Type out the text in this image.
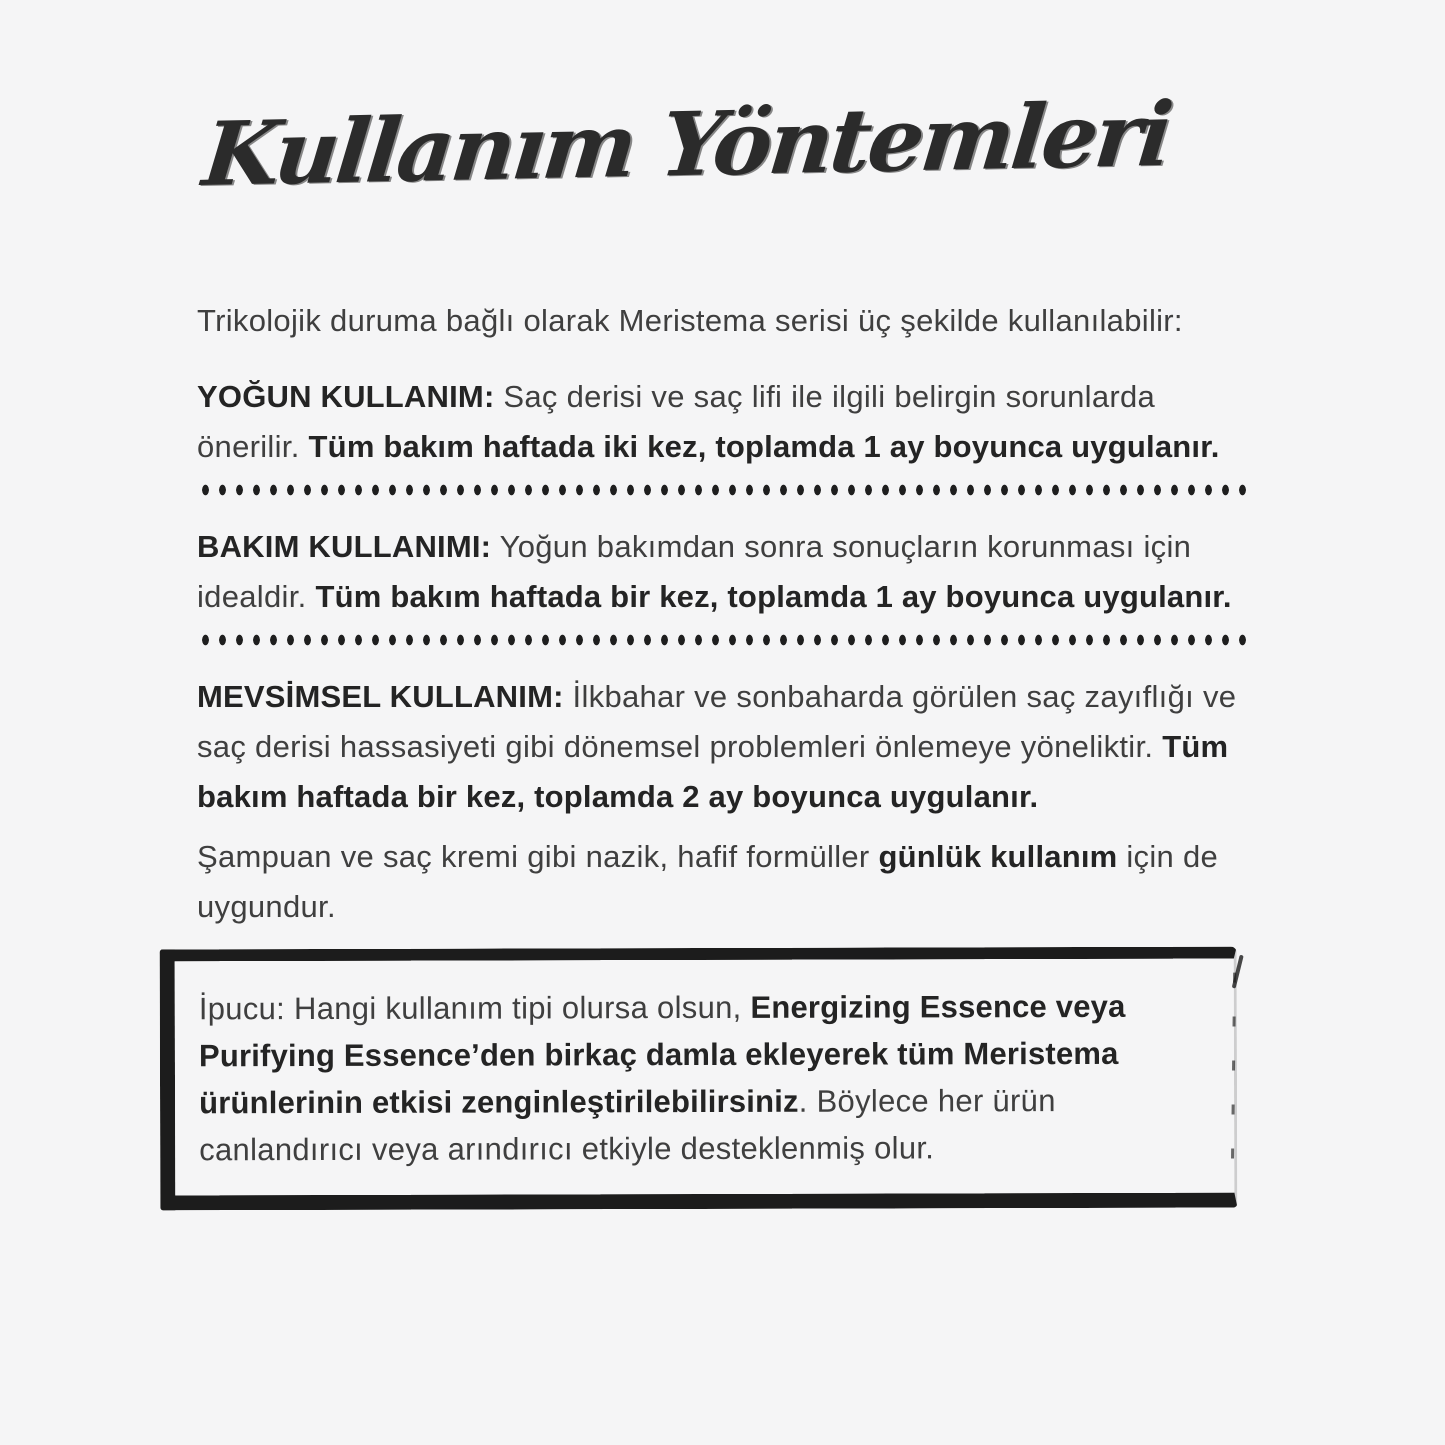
Kullanım Yöntemleri

Trikolojik duruma bağlı olarak Meristema serisi üç şekilde kullanılabilir:

YOĞUN KULLANIM: Saç derisi ve saç lifi ile ilgili belirgin sorunlarda önerilir. Tüm bakım haftada iki kez, toplamda 1 ay boyunca uygulanır.

BAKIM KULLANIMI: Yoğun bakımdan sonra sonuçların korunması için idealdir. Tüm bakım haftada bir kez, toplamda 1 ay boyunca uygulanır.

MEVSİMSEL KULLANIM: İlkbahar ve sonbaharda görülen saç zayıflığı ve saç derisi hassasiyeti gibi dönemsel problemleri önlemeye yöneliktir. Tüm bakım haftada bir kez, toplamda 2 ay boyunca uygulanır.

Şampuan ve saç kremi gibi nazik, hafif formüller günlük kullanım için de uygundur.

İpucu: Hangi kullanım tipi olursa olsun, Energizing Essence veya Purifying Essence’den birkaç damla ekleyerek tüm Meristema ürünlerinin etkisi zenginleştirilebilirsiniz. Böylece her ürün canlandırıcı veya arındırıcı etkiyle desteklenmiş olur.
